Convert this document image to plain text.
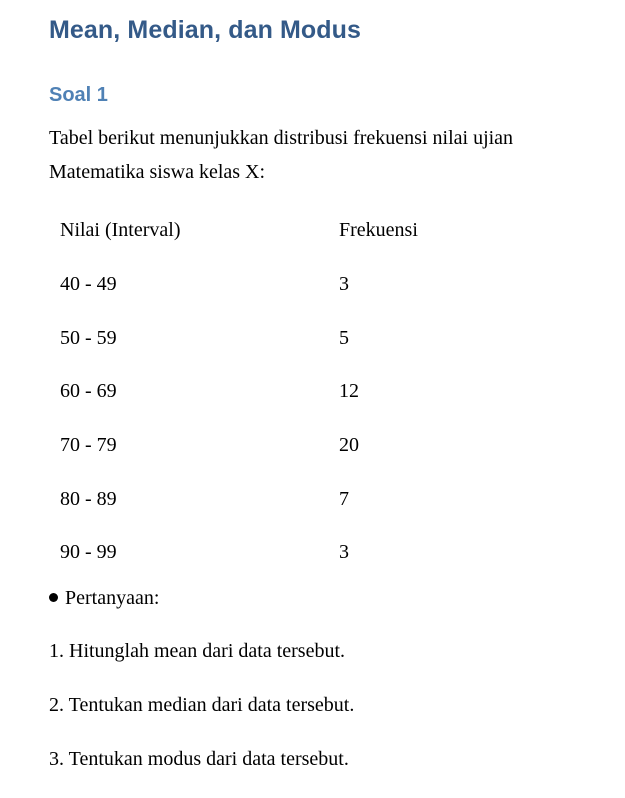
Mean, Median, dan Modus
Soal 1

Tabel berikut menunjukkan distribusi frekuensi nilai ujian
Matematika siswa kelas X:

Nilai (Interval)	Frekuensi
40 - 49	3
50 - 59	5
60 - 69	12
70 - 79	20
80 - 89	7
90 - 99	3

Pertanyaan:

1. Hitunglah mean dari data tersebut.

2. Tentukan median dari data tersebut.

3. Tentukan modus dari data tersebut.
